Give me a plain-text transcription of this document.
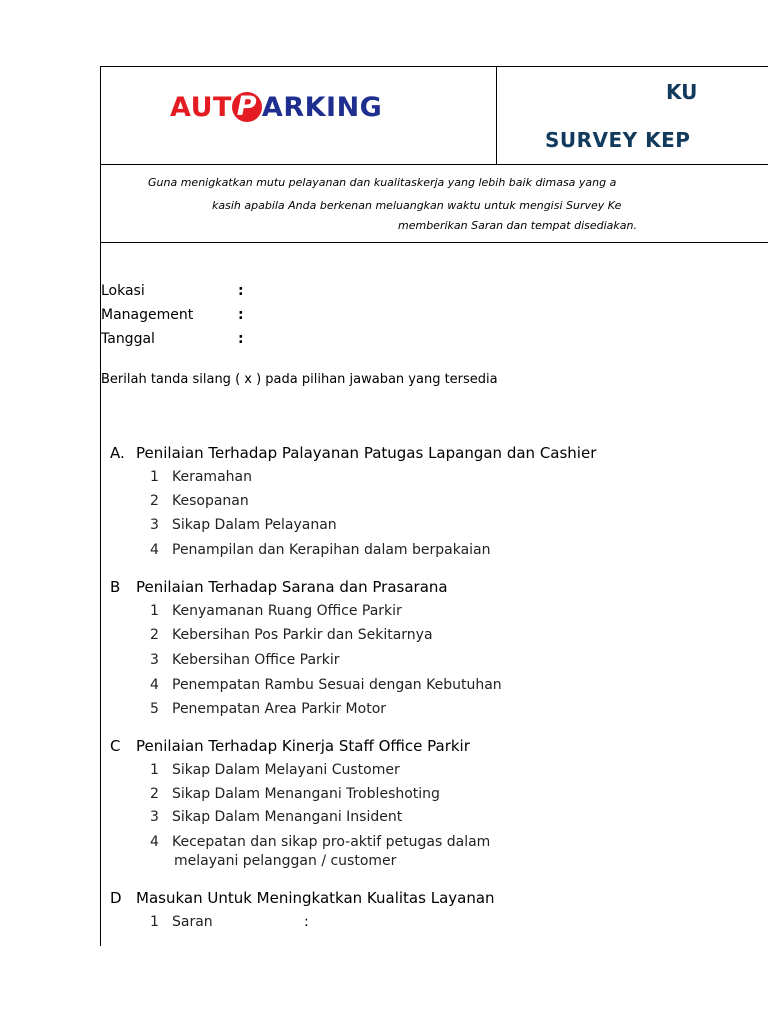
AUT P ARKING	KU
SURVEY KEP
Guna menigkatkan mutu pelayanan dan kualitaskerja yang lebih baik dimasa yang a
kasih apabila Anda berkenan meluangkan waktu untuk mengisi Survey Ke
memberikan Saran dan tempat disediakan.
Lokasi	:
Management	:
Tanggal	:
Berilah tanda silang ( x ) pada pilihan jawaban yang tersedia
A. Penilaian Terhadap Palayanan Patugas Lapangan dan Cashier
1 Keramahan
2 Kesopanan
3 Sikap Dalam Pelayanan
4 Penampilan dan Kerapihan dalam berpakaian
B Penilaian Terhadap Sarana dan Prasarana
1 Kenyamanan Ruang Office Parkir
2 Kebersihan Pos Parkir dan Sekitarnya
3 Kebersihan Office Parkir
4 Penempatan Rambu Sesuai dengan Kebutuhan
5 Penempatan Area Parkir Motor
C Penilaian Terhadap Kinerja Staff Office Parkir
1 Sikap Dalam Melayani Customer
2 Sikap Dalam Menangani Trobleshoting
3 Sikap Dalam Menangani Insident
4 Kecepatan dan sikap pro-aktif petugas dalam
melayani pelanggan / customer
D Masukan Untuk Meningkatkan Kualitas Layanan
1 Saran	:
